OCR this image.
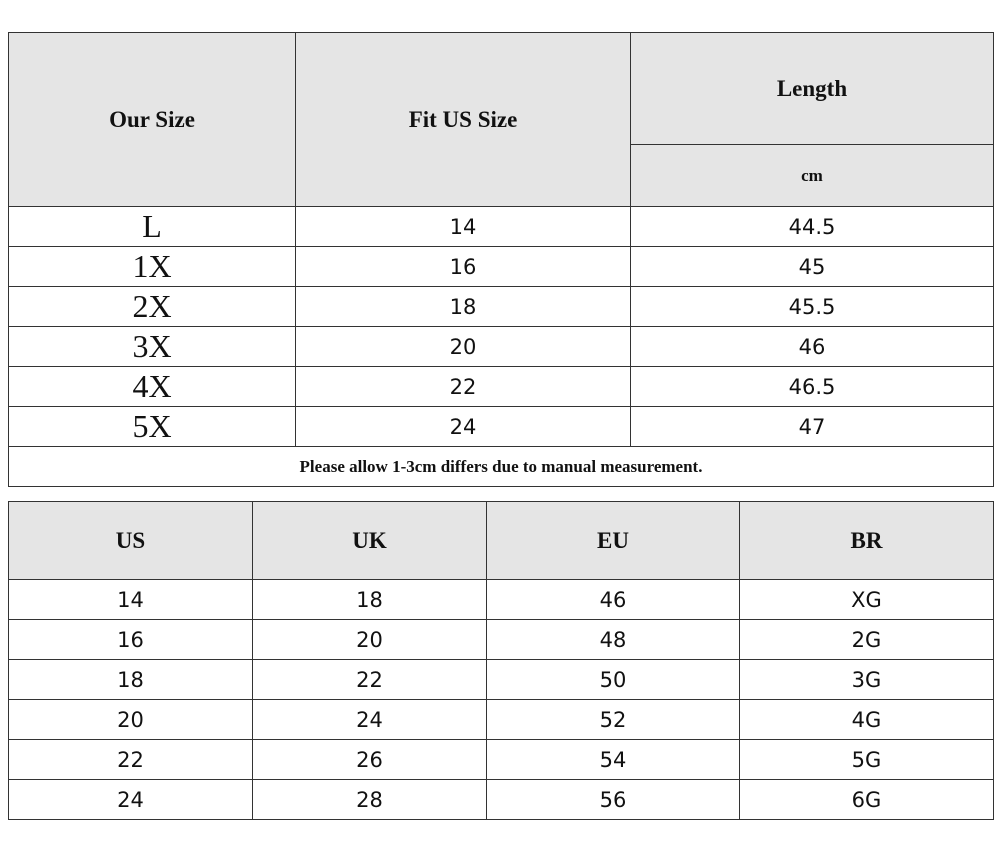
Our Size	Fit US Size	Length
		cm
L	14	44.5
1X	16	45
2X	18	45.5
3X	20	46
4X	22	46.5
5X	24	47
Please allow 1-3cm differs due to manual measurement.		
US	UK	EU	BR
14	18	46	XG
16	20	48	2G
18	22	50	3G
20	24	52	4G
22	26	54	5G
24	28	56	6G
